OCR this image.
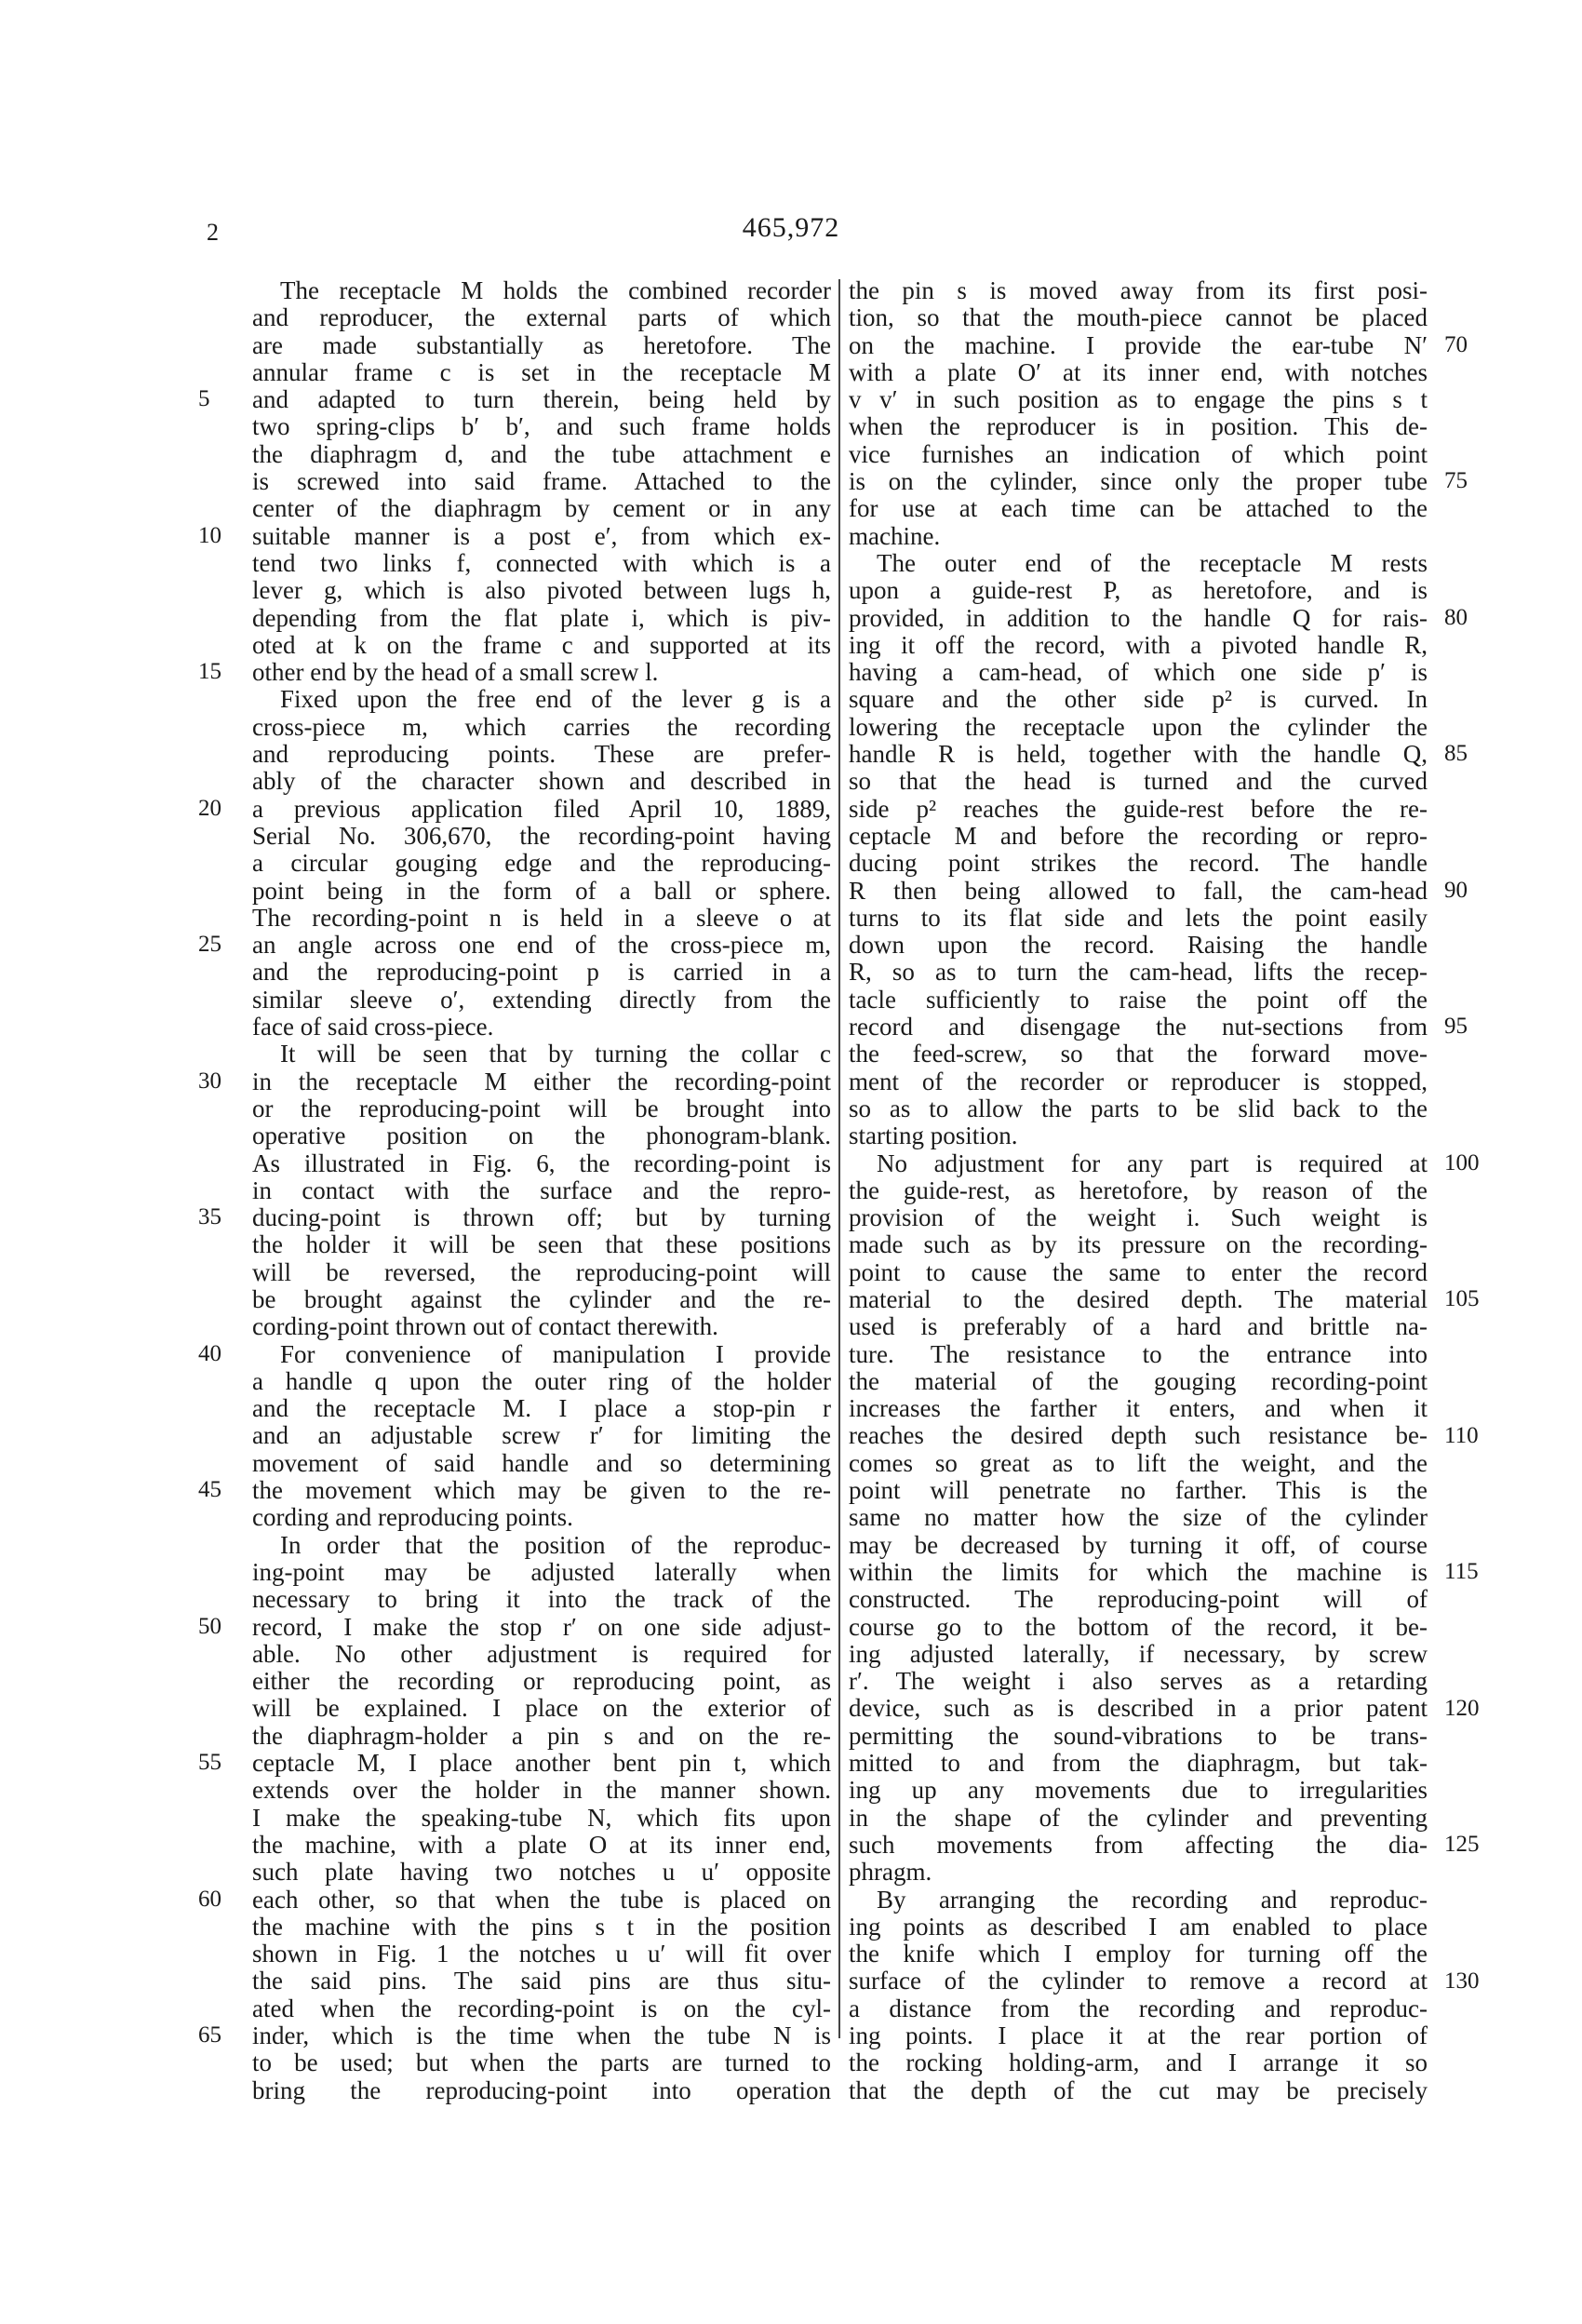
2	465,972
The receptacle M holds the combined recorder
and reproducer, the external parts of which
are made substantially as heretofore. The
annular frame c is set in the receptacle M
and adapted to turn therein, being held by
two spring-clips b′ b′, and such frame holds
the diaphragm d, and the tube attachment e
is screwed into said frame. Attached to the
center of the diaphragm by cement or in any
suitable manner is a post e′, from which ex-
tend two links f, connected with which is a
lever g, which is also pivoted between lugs h,
depending from the flat plate i, which is piv-
oted at k on the frame c and supported at its
other end by the head of a small screw l.
Fixed upon the free end of the lever g is a
cross-piece m, which carries the recording
and reproducing points. These are prefer-
ably of the character shown and described in
a previous application filed April 10, 1889,
Serial No. 306,670, the recording-point having
a circular gouging edge and the reproducing-
point being in the form of a ball or sphere.
The recording-point n is held in a sleeve o at
an angle across one end of the cross-piece m,
and the reproducing-point p is carried in a
similar sleeve o′, extending directly from the
face of said cross-piece.
It will be seen that by turning the collar c
in the receptacle M either the recording-point
or the reproducing-point will be brought into
operative position on the phonogram-blank.
As illustrated in Fig. 6, the recording-point is
in contact with the surface and the repro-
ducing-point is thrown off; but by turning
the holder it will be seen that these positions
will be reversed, the reproducing-point will
be brought against the cylinder and the re-
cording-point thrown out of contact therewith.
For convenience of manipulation I provide
a handle q upon the outer ring of the holder
and the receptacle M. I place a stop-pin r
and an adjustable screw r′ for limiting the
movement of said handle and so determining
the movement which may be given to the re-
cording and reproducing points.
In order that the position of the reproduc-
ing-point may be adjusted laterally when
necessary to bring it into the track of the
record, I make the stop r′ on one side adjust-
able. No other adjustment is required for
either the recording or reproducing point, as
will be explained. I place on the exterior of
the diaphragm-holder a pin s and on the re-
ceptacle M, I place another bent pin t, which
extends over the holder in the manner shown.
I make the speaking-tube N, which fits upon
the machine, with a plate O at its inner end,
such plate having two notches u u′ opposite
each other, so that when the tube is placed on
the machine with the pins s t in the position
shown in Fig. 1 the notches u u′ will fit over
the said pins. The said pins are thus situ-
ated when the recording-point is on the cyl-
inder, which is the time when the tube N is
to be used; but when the parts are turned to
bring the reproducing-point into operation
the pin s is moved away from its first posi-
tion, so that the mouth-piece cannot be placed
on the machine. I provide the ear-tube N′
with a plate O′ at its inner end, with notches
v v′ in such position as to engage the pins s t
when the reproducer is in position. This de-
vice furnishes an indication of which point
is on the cylinder, since only the proper tube
for use at each time can be attached to the
machine.
The outer end of the receptacle M rests
upon a guide-rest P, as heretofore, and is
provided, in addition to the handle Q for rais-
ing it off the record, with a pivoted handle R,
having a cam-head, of which one side p′ is
square and the other side p² is curved. In
lowering the receptacle upon the cylinder the
handle R is held, together with the handle Q,
so that the head is turned and the curved
side p² reaches the guide-rest before the re-
ceptacle M and before the recording or repro-
ducing point strikes the record. The handle
R then being allowed to fall, the cam-head
turns to its flat side and lets the point easily
down upon the record. Raising the handle
R, so as to turn the cam-head, lifts the recep-
tacle sufficiently to raise the point off the
record and disengage the nut-sections from
the feed-screw, so that the forward move-
ment of the recorder or reproducer is stopped,
so as to allow the parts to be slid back to the
starting position.
No adjustment for any part is required at
the guide-rest, as heretofore, by reason of the
provision of the weight i. Such weight is
made such as by its pressure on the recording-
point to cause the same to enter the record
material to the desired depth. The material
used is preferably of a hard and brittle na-
ture. The resistance to the entrance into
the material of the gouging recording-point
increases the farther it enters, and when it
reaches the desired depth such resistance be-
comes so great as to lift the weight, and the
point will penetrate no farther. This is the
same no matter how the size of the cylinder
may be decreased by turning it off, of course
within the limits for which the machine is
constructed. The reproducing-point will of
course go to the bottom of the record, it be-
ing adjusted laterally, if necessary, by screw
r′. The weight i also serves as a retarding
device, such as is described in a prior patent
permitting the sound-vibrations to be trans-
mitted to and from the diaphragm, but tak-
ing up any movements due to irregularities
in the shape of the cylinder and preventing
such movements from affecting the dia-
phragm.
By arranging the recording and reproduc-
ing points as described I am enabled to place
the knife which I employ for turning off the
surface of the cylinder to remove a record at
a distance from the recording and reproduc-
ing points. I place it at the rear portion of
the rocking holding-arm, and I arrange it so
that the depth of the cut may be precisely
5
10
15
20
25
30
35
40
45
50
55
60
65
70
75
80
85
90
95
100
105
110
115
120
125
130
